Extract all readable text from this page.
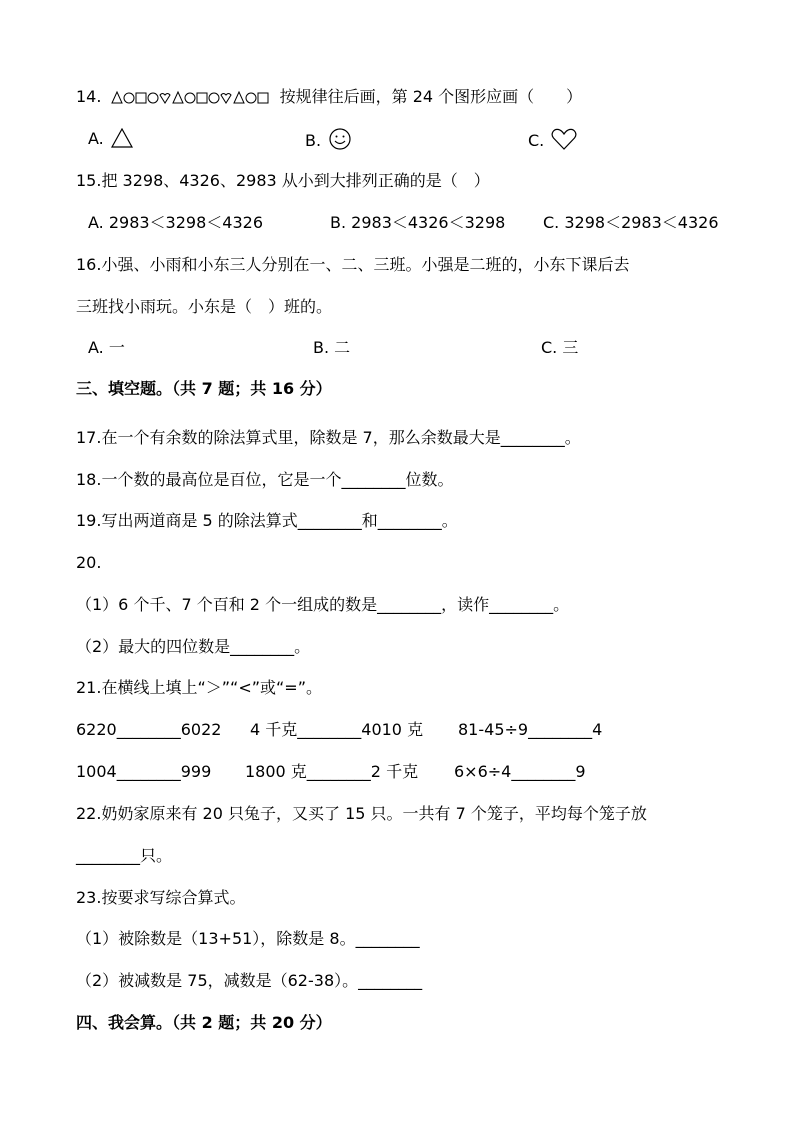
14.	按规律往后画，第 24 个图形应画（　　）
A.	B.	C.
15.把 3298、4326、2983 从小到大排列正确的是（　）
A. 2983＜3298＜4326	B. 2983＜4326＜3298 C. 3298＜2983＜4326
16.小强、小雨和小东三人分别在一、二、三班。小强是二班的，小东下课后去
三班找小雨玩。小东是（　）班的。
A. 一	B. 二	C. 三
三、填空题。（共 7 题；共 16 分）
17.在一个有余数的除法算式里，除数是 7，那么余数最大是________。
18.一个数的最高位是百位，它是一个________位数。
19.写出两道商是 5 的除法算式________和________。
20.
（1）6 个千、7 个百和 2 个一组成的数是________，读作________。
（2）最大的四位数是________。
21.在横线上填上“＞”“<”或“=”。
6220________6022 4 千克________4010 克 81-45÷9________4
1004________999 1800 克________2 千克 6×6÷4________9
22.奶奶家原来有 20 只兔子，又买了 15 只。一共有 7 个笼子，平均每个笼子放
________只。
23.按要求写综合算式。
（1）被除数是（13+51），除数是 8。________
（2）被减数是 75，减数是（62-38）。________
四、我会算。（共 2 题；共 20 分）
